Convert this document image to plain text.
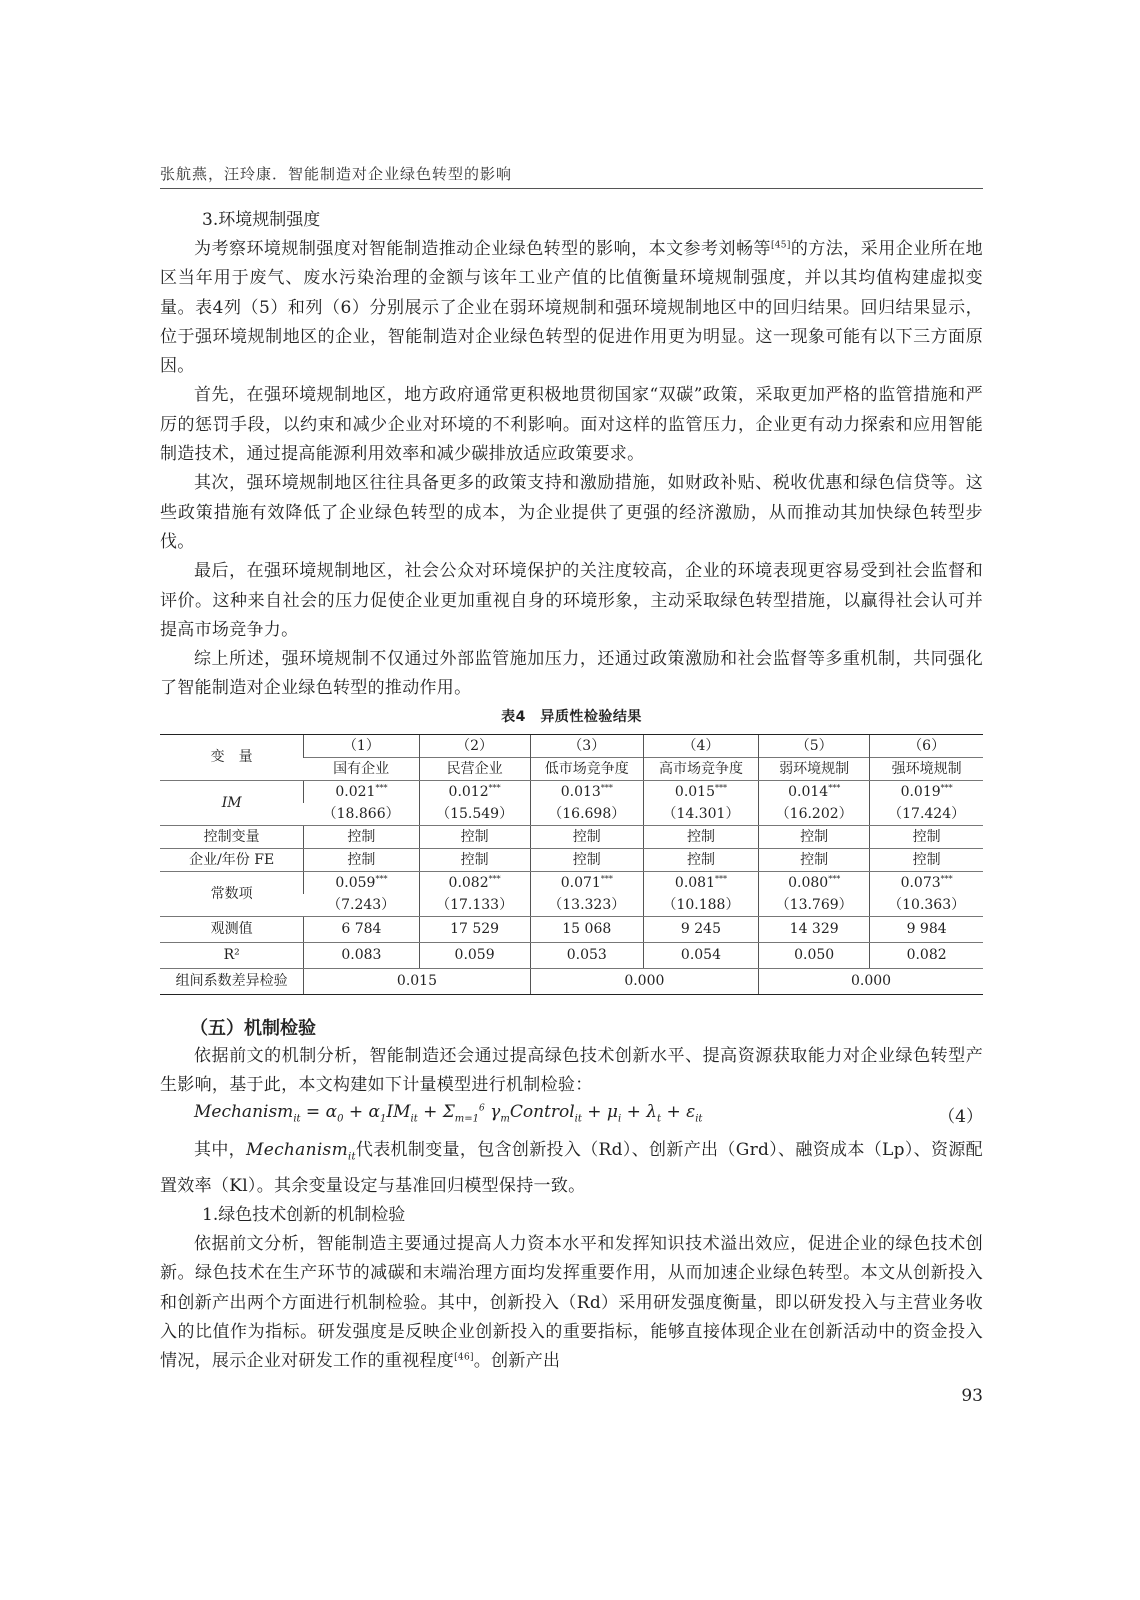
张航燕，汪玲康．智能制造对企业绿色转型的影响

3.环境规制强度

为考察环境规制强度对智能制造推动企业绿色转型的影响，本文参考刘畅等[45]的方法，采用企业所在地区当年用于废气、废水污染治理的金额与该年工业产值的比值衡量环境规制强度，并以其均值构建虚拟变量。表4列（5）和列（6）分别展示了企业在弱环境规制和强环境规制地区中的回归结果。回归结果显示，位于强环境规制地区的企业，智能制造对企业绿色转型的促进作用更为明显。这一现象可能有以下三方面原因。

首先，在强环境规制地区，地方政府通常更积极地贯彻国家“双碳”政策，采取更加严格的监管措施和严厉的惩罚手段，以约束和减少企业对环境的不利影响。面对这样的监管压力，企业更有动力探索和应用智能制造技术，通过提高能源利用效率和减少碳排放适应政策要求。

其次，强环境规制地区往往具备更多的政策支持和激励措施，如财政补贴、税收优惠和绿色信贷等。这些政策措施有效降低了企业绿色转型的成本，为企业提供了更强的经济激励，从而推动其加快绿色转型步伐。

最后，在强环境规制地区，社会公众对环境保护的关注度较高，企业的环境表现更容易受到社会监督和评价。这种来自社会的压力促使企业更加重视自身的环境形象，主动采取绿色转型措施，以赢得社会认可并提高市场竞争力。

综上所述，强环境规制不仅通过外部监管施加压力，还通过政策激励和社会监督等多重机制，共同强化了智能制造对企业绿色转型的推动作用。

表4　异质性检验结果
变　量	（1）	（2）	（3）	（4）	（5）	（6）
	国有企业	民营企业	低市场竞争度	高市场竞争度	弱环境规制	强环境规制
IM	0.021***	0.012***	0.013***	0.015***	0.014***	0.019***
	（18.866）	（15.549）	（16.698）	（14.301）	（16.202）	（17.424）
控制变量	控制	控制	控制	控制	控制	控制
企业/年份 FE	控制	控制	控制	控制	控制	控制
常数项	0.059***	0.082***	0.071***	0.081***	0.080***	0.073***
	（7.243）	（17.133）	（13.323）	（10.188）	（13.769）	（10.363）
观测值	6 784	17 529	15 068	9 245	14 329	9 984
R²	0.083	0.059	0.053	0.054	0.050	0.082
组间系数差异检验	0.015		0.000		0.000	
（五）机制检验

依据前文的机制分析，智能制造还会通过提高绿色技术创新水平、提高资源获取能力对企业绿色转型产生影响，基于此，本文构建如下计量模型进行机制检验：

Mechanism$_{it}$ = $\alpha_0 + \alpha_1IM_{it} + \Sigma_{m=1}^6$ $\gamma_mControl_{it} + \mu_i + \lambda_t + \varepsilon_{it}$	（4）

其中，Mechanism$_{it}$代表机制变量，包含创新投入（Rd）、创新产出（Grd）、融资成本（Lp）、资源配置效率（Kl）。其余变量设定与基准回归模型保持一致。

1.绿色技术创新的机制检验

依据前文分析，智能制造主要通过提高人力资本水平和发挥知识技术溢出效应，促进企业的绿色技术创新。绿色技术在生产环节的减碳和末端治理方面均发挥重要作用，从而加速企业绿色转型。本文从创新投入和创新产出两个方面进行机制检验。其中，创新投入（Rd）采用研发强度衡量，即以研发投入与主营业务收入的比值作为指标。研发强度是反映企业创新投入的重要指标，能够直接体现企业在创新活动中的资金投入情况，展示企业对研发工作的重视程度[46]。创新产出

93
